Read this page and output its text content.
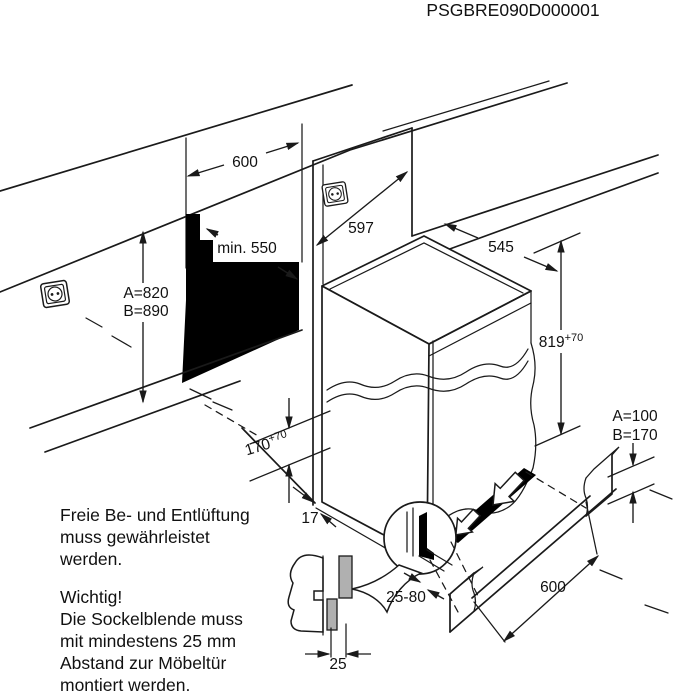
PSGBRE090D000001
600
min. 550
597
545
A=820
B=890
$819^{+70}$
$170^{+70}$
17
A=100
B=170
25-80
600
25
Freie Be- und Entlüftung
muss gewährleistet
werden.
Wichtig!
Die Sockelblende muss
mit mindestens 25 mm
Abstand zur Möbeltür
montiert werden.
